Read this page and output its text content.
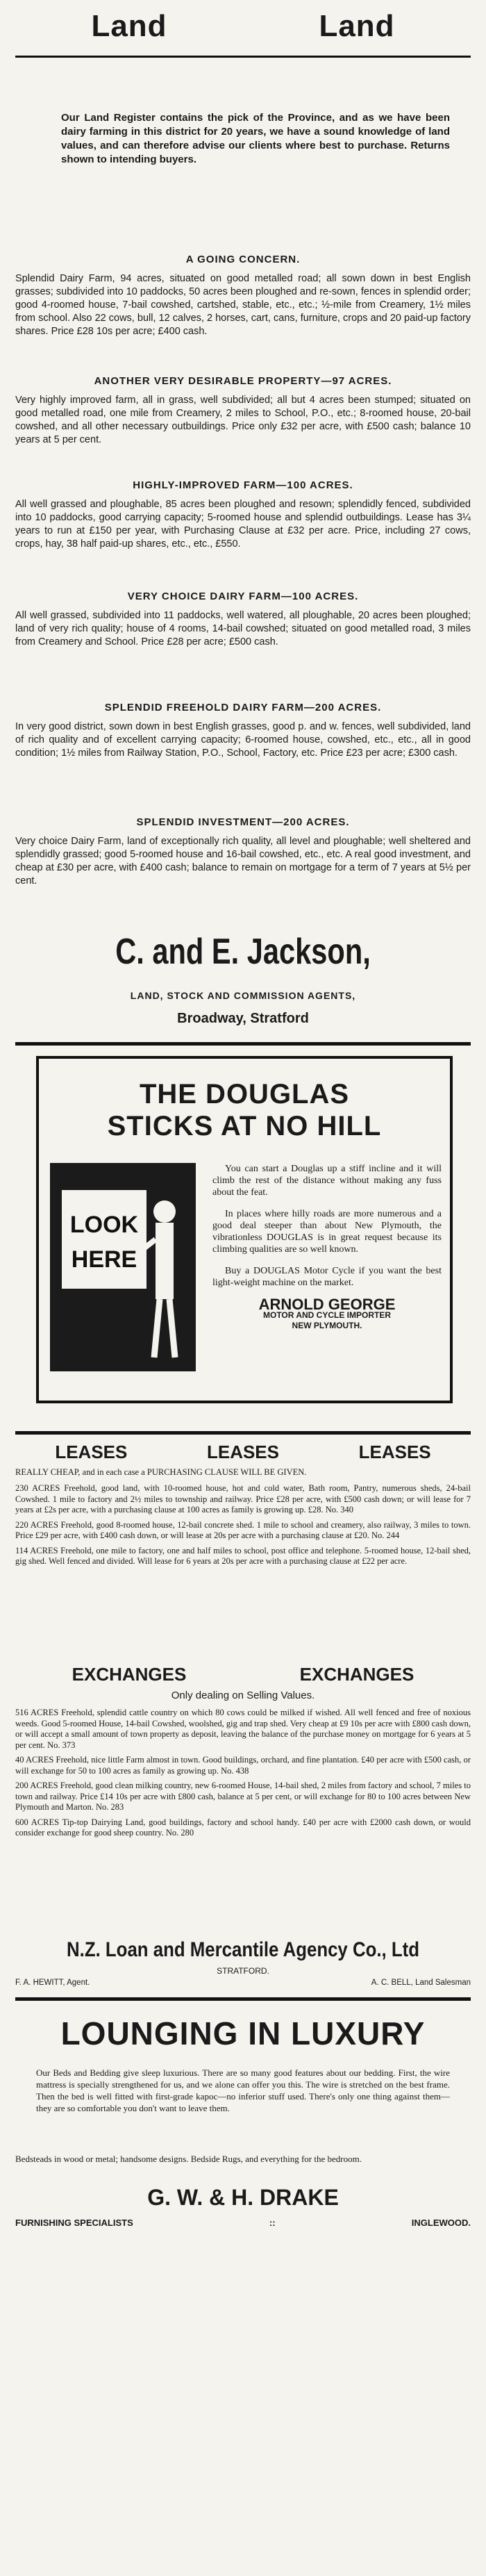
Land	Land
Our Land Register contains the pick of the Province, and as we have been dairy farming in this district for 20 years, we have a sound knowledge of land values, and can therefore advise our clients where best to purchase. Returns shown to intending buyers.
A GOING CONCERN.
Splendid Dairy Farm, 94 acres, situated on good metalled road; all sown down in best English grasses; subdivided into 10 paddocks, 50 acres been ploughed and re-sown, fences in splendid order; good 4-roomed house, 7-bail cowshed, cartshed, stable, etc., etc.; ½-mile from Creamery, 1½ miles from school. Also 22 cows, bull, 12 calves, 2 horses, cart, cans, furniture, crops and 20 paid-up factory shares. Price £28 10s per acre; £400 cash.
ANOTHER VERY DESIRABLE PROPERTY—97 ACRES.
Very highly improved farm, all in grass, well subdivided; all but 4 acres been stumped; situated on good metalled road, one mile from Creamery, 2 miles to School, P.O., etc.; 8-roomed house, 20-bail cowshed, and all other necessary outbuildings. Price only £32 per acre, with £500 cash; balance 10 years at 5 per cent.
HIGHLY-IMPROVED FARM—100 ACRES.
All well grassed and ploughable, 85 acres been ploughed and resown; splendidly fenced, subdivided into 10 paddocks, good carrying capacity; 5-roomed house and splendid outbuildings. Lease has 3¼ years to run at £150 per year, with Purchasing Clause at £32 per acre. Price, including 27 cows, crops, hay, 38 half paid-up shares, etc., etc., £550.
VERY CHOICE DAIRY FARM—100 ACRES.
All well grassed, subdivided into 11 paddocks, well watered, all ploughable, 20 acres been ploughed; land of very rich quality; house of 4 rooms, 14-bail cowshed; situated on good metalled road, 3 miles from Creamery and School. Price £28 per acre; £500 cash.
SPLENDID FREEHOLD DAIRY FARM—200 ACRES.
In very good district, sown down in best English grasses, good p. and w. fences, well subdivided, land of rich quality and of excellent carrying capacity; 6-roomed house, cowshed, etc., etc., all in good condition; 1½ miles from Railway Station, P.O., School, Factory, etc. Price £23 per acre; £300 cash.
SPLENDID INVESTMENT—200 ACRES.
Very choice Dairy Farm, land of exceptionally rich quality, all level and ploughable; well sheltered and splendidly grassed; good 5-roomed house and 16-bail cowshed, etc., etc. A real good investment, and cheap at £30 per acre, with £400 cash; balance to remain on mortgage for a term of 7 years at 5½ per cent.
C. and E. Jackson,
LAND, STOCK AND COMMISSION AGENTS,
Broadway, Stratford
THE DOUGLAS
STICKS AT NO HILL
LOOK
HERE

You can start a Douglas up a stiff incline and it will climb the rest of the distance without making any fuss about the feat.

In places where hilly roads are more numerous and a good deal steeper than about New Plymouth, the vibrationless DOUGLAS is in great request because its climbing qualities are so well known.

Buy a DOUGLAS Motor Cycle if you want the best light-weight machine on the market.

ARNOLD GEORGE
MOTOR AND CYCLE IMPORTER
NEW PLYMOUTH.
LEASES	LEASES	LEASES
REALLY CHEAP, and in each case a PURCHASING CLAUSE WILL BE GIVEN.

230 ACRES Freehold, good land, with 10-roomed house, hot and cold water, Bath room, Pantry, numerous sheds, 24-bail Cowshed. 1 mile to factory and 2½ miles to township and railway. Price £28 per acre, with £500 cash down; or will lease for 7 years at £2s per acre, with a purchasing clause at 100 acres as family is growing up. £28. No. 340

220 ACRES Freehold, good 8-roomed house, 12-bail concrete shed. 1 mile to school and creamery, also railway, 3 miles to town. Price £29 per acre, with £400 cash down, or will lease at 20s per acre with a purchasing clause at £20. No. 244

114 ACRES Freehold, one mile to factory, one and half miles to school, post office and telephone. 5-roomed house, 12-bail shed, gig shed. Well fenced and divided. Will lease for 6 years at 20s per acre with a purchasing clause at £22 per acre.

EXCHANGES	EXCHANGES
Only dealing on Selling Values.

516 ACRES Freehold, splendid cattle country on which 80 cows could be milked if wished. All well fenced and free of noxious weeds. Good 5-roomed House, 14-bail Cowshed, woolshed, gig and trap shed. Very cheap at £9 10s per acre with £800 cash down, or will accept a small amount of town property as deposit, leaving the balance of the purchase money on mortgage for 6 years at 5 per cent. No. 373

40 ACRES Freehold, nice little Farm almost in town. Good buildings, orchard, and fine plantation. £40 per acre with £500 cash, or will exchange for 50 to 100 acres as family as growing up. No. 438

200 ACRES Freehold, good clean milking country, new 6-roomed House, 14-bail shed, 2 miles from factory and school, 7 miles to town and railway. Price £14 10s per acre with £800 cash, balance at 5 per cent, or will exchange for 80 to 100 acres between New Plymouth and Marton. No. 283

600 ACRES Tip-top Dairying Land, good buildings, factory and school handy. £40 per acre with £2000 cash down, or would consider exchange for good sheep country. No. 280

N.Z. Loan and Mercantile Agency Co., Ltd
STRATFORD.
F. A. HEWITT, Agent.	A. C. BELL, Land Salesman
LOUNGING IN LUXURY
Our Beds and Bedding give sleep luxurious. There are so many good features about our bedding. First, the wire mattress is specially strengthened for us, and we alone can offer you this. The wire is stretched on the best frame. Then the bed is well fitted with first-grade kapoc—no inferior stuff used. There's only one thing against them—they are so comfortable you don't want to leave them.
Bedsteads in wood or metal; handsome designs. Bedside Rugs, and everything for the bedroom.
G. W. & H. DRAKE
FURNISHING SPECIALISTS	::	INGLEWOOD.
